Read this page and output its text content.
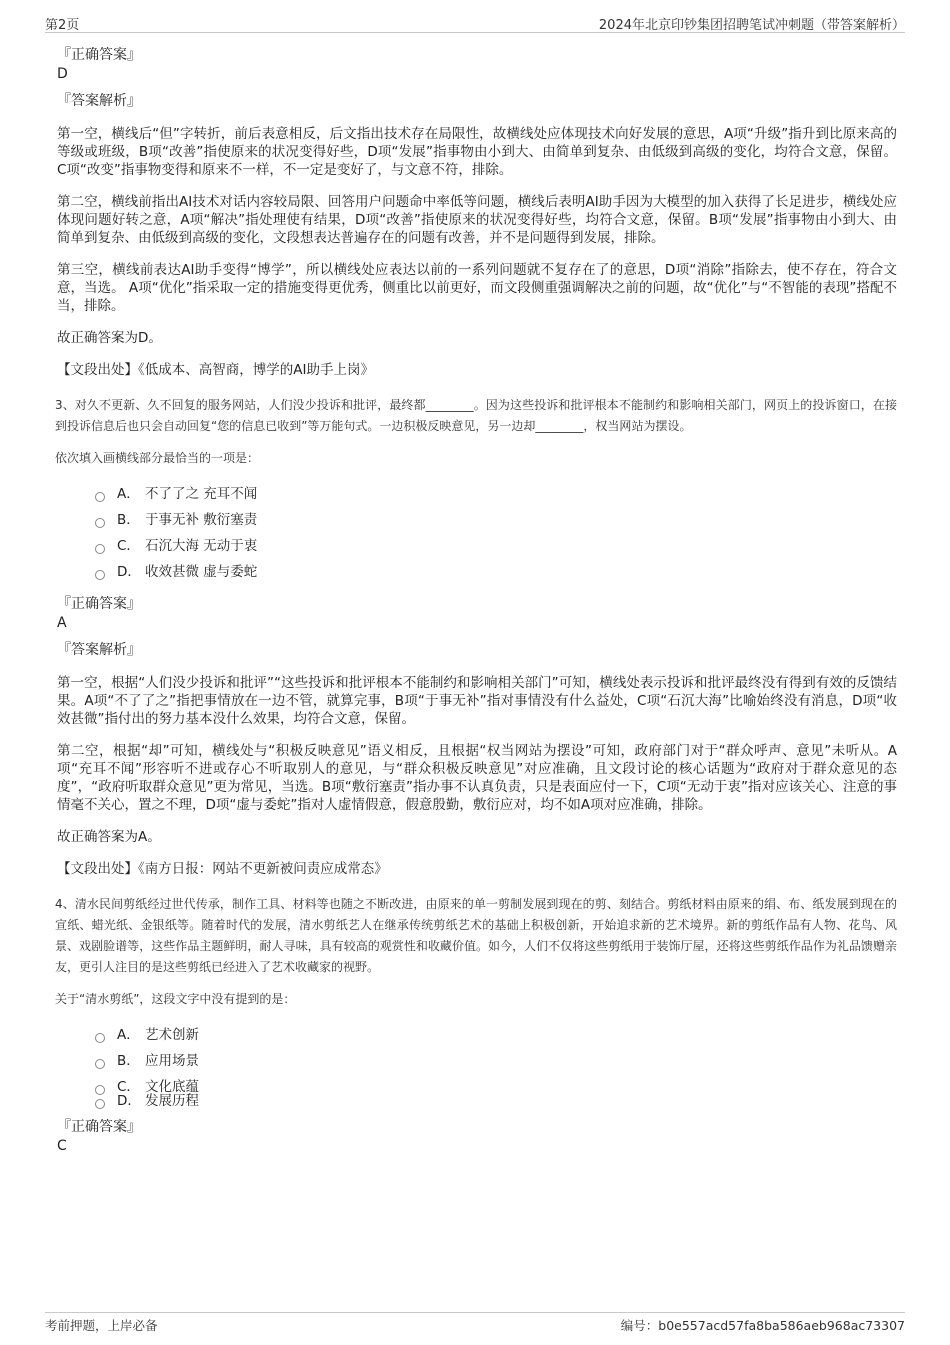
第2页	2024年北京印钞集团招聘笔试冲刺题（带答案解析）

『正确答案』

D

『答案解析』

第一空，横线后“但”字转折，前后表意相反，后文指出技术存在局限性，故横线处应体现技术向好发展的意思，A项“升级”指升到比原来高的等级或班级，B项“改善”指使原来的状况变得好些，D项“发展”指事物由小到大、由简单到复杂、由低级到高级的变化，均符合文意，保留。C项“改变”指事物变得和原来不一样，不一定是变好了，与文意不符，排除。

第二空，横线前指出AI技术对话内容较局限、回答用户问题命中率低等问题，横线后表明AI助手因为大模型的加入获得了长足进步，横线处应体现问题好转之意，A项“解决”指处理使有结果，D项“改善”指使原来的状况变得好些，均符合文意，保留。B项“发展”指事物由小到大、由简单到复杂、由低级到高级的变化，文段想表达普遍存在的问题有改善，并不是问题得到发展，排除。

第三空，横线前表达AI助手变得“博学”，所以横线处应表达以前的一系列问题就不复存在了的意思，D项“消除”指除去，使不存在，符合文意，当选。 A项“优化”指采取一定的措施变得更优秀，侧重比以前更好，而文段侧重强调解决之前的问题，故“优化”与“不智能的表现”搭配不当，排除。

故正确答案为D。

【文段出处】《低成本、高智商，博学的AI助手上岗》

3、对久不更新、久不回复的服务网站，人们没少投诉和批评，最终都________。因为这些投诉和批评根本不能制约和影响相关部门，网页上的投诉窗口，在接到投诉信息后也只会自动回复“您的信息已收到”等万能句式。一边积极反映意见，另一边却________，权当网站为摆设。

依次填入画横线部分最恰当的一项是：

A． 不了了之 充耳不闻
B． 于事无补 敷衍塞责
C． 石沉大海 无动于衷
D． 收效甚微 虚与委蛇

『正确答案』

A

『答案解析』

第一空，根据“人们没少投诉和批评”“这些投诉和批评根本不能制约和影响相关部门”可知，横线处表示投诉和批评最终没有得到有效的反馈结果。A项“不了了之”指把事情放在一边不管，就算完事，B项“于事无补”指对事情没有什么益处，C项“石沉大海”比喻始终没有消息，D项“收效甚微”指付出的努力基本没什么效果，均符合文意，保留。

第二空，根据“却”可知，横线处与“积极反映意见”语义相反，且根据“权当网站为摆设”可知，政府部门对于“群众呼声、意见”未听从。A项“充耳不闻”形容听不进或存心不听取别人的意见，与“群众积极反映意见”对应准确，且文段讨论的核心话题为“政府对于群众意见的态度”，“政府听取群众意见”更为常见，当选。B项“敷衍塞责”指办事不认真负责，只是表面应付一下，C项“无动于衷”指对应该关心、注意的事情毫不关心，置之不理，D项“虚与委蛇”指对人虚情假意，假意殷勤，敷衍应对，均不如A项对应准确，排除。

故正确答案为A。

【文段出处】《南方日报：网站不更新被问责应成常态》

4、清水民间剪纸经过世代传承，制作工具、材料等也随之不断改进，由原来的单一剪制发展到现在的剪、刻结合。剪纸材料由原来的绢、布、纸发展到现在的宣纸、蜡光纸、金银纸等。随着时代的发展，清水剪纸艺人在继承传统剪纸艺术的基础上积极创新，开始追求新的艺术境界。新的剪纸作品有人物、花鸟、风景、戏剧脸谱等，这些作品主题鲜明，耐人寻味，具有较高的观赏性和收藏价值。如今，人们不仅将这些剪纸用于装饰厅屋，还将这些剪纸作品作为礼品馈赠亲友，更引人注目的是这些剪纸已经进入了艺术收藏家的视野。

关于“清水剪纸”，这段文字中没有提到的是：

A． 艺术创新
B． 应用场景
C． 文化底蕴
D． 发展历程

『正确答案』

C

考前押题，上岸必备	编号：b0e557acd57fa8ba586aeb968ac73307
